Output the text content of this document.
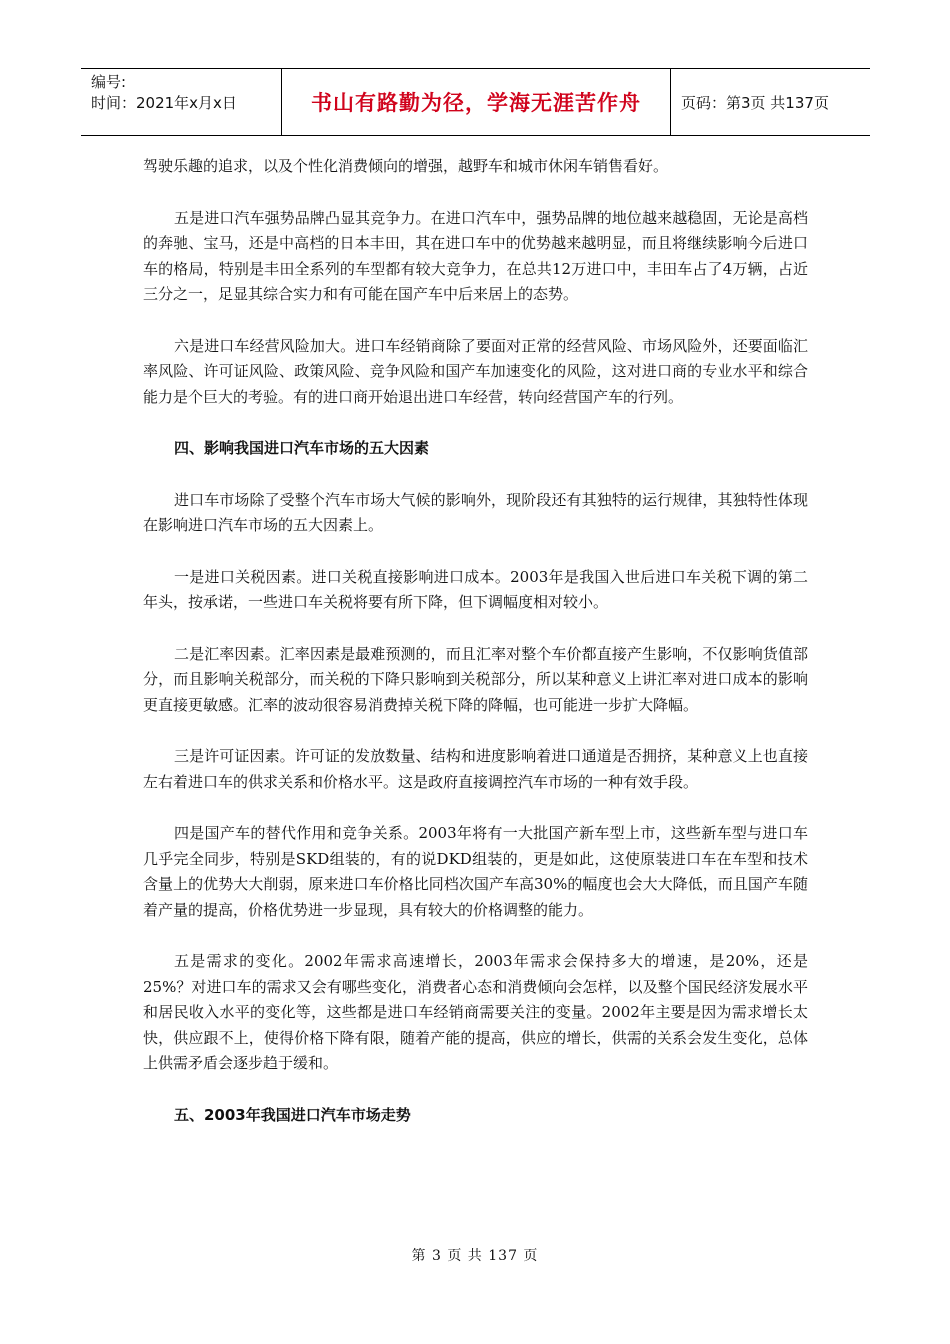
编号:
时间：2021年x月x日	书山有路勤为径，学海无涯苦作舟	页码：第3页 共137页

驾驶乐趣的追求，以及个性化消费倾向的增强，越野车和城市休闲车销售看好。

五是进口汽车强势品牌凸显其竞争力。在进口汽车中，强势品牌的地位越来越稳固，无论是高档的奔驰、宝马，还是中高档的日本丰田，其在进口车中的优势越来越明显，而且将继续影响今后进口车的格局，特别是丰田全系列的车型都有较大竞争力，在总共12万进口中，丰田车占了4万辆，占近三分之一，足显其综合实力和有可能在国产车中后来居上的态势。

六是进口车经营风险加大。进口车经销商除了要面对正常的经营风险、市场风险外，还要面临汇率风险、许可证风险、政策风险、竞争风险和国产车加速变化的风险，这对进口商的专业水平和综合能力是个巨大的考验。有的进口商开始退出进口车经营，转向经营国产车的行列。

四、影响我国进口汽车市场的五大因素

进口车市场除了受整个汽车市场大气候的影响外，现阶段还有其独特的运行规律，其独特性体现在影响进口汽车市场的五大因素上。

一是进口关税因素。进口关税直接影响进口成本。2003年是我国入世后进口车关税下调的第二年头，按承诺，一些进口车关税将要有所下降，但下调幅度相对较小。

二是汇率因素。汇率因素是最难预测的，而且汇率对整个车价都直接产生影响，不仅影响货值部分，而且影响关税部分，而关税的下降只影响到关税部分，所以某种意义上讲汇率对进口成本的影响更直接更敏感。汇率的波动很容易消费掉关税下降的降幅，也可能进一步扩大降幅。

三是许可证因素。许可证的发放数量、结构和进度影响着进口通道是否拥挤，某种意义上也直接左右着进口车的供求关系和价格水平。这是政府直接调控汽车市场的一种有效手段。

四是国产车的替代作用和竞争关系。2003年将有一大批国产新车型上市，这些新车型与进口车几乎完全同步，特别是SKD组装的，有的说DKD组装的，更是如此，这使原装进口车在车型和技术含量上的优势大大削弱，原来进口车价格比同档次国产车高30%的幅度也会大大降低，而且国产车随着产量的提高，价格优势进一步显现，具有较大的价格调整的能力。

五是需求的变化。2002年需求高速增长，2003年需求会保持多大的增速，是20%，还是25%？对进口车的需求又会有哪些变化，消费者心态和消费倾向会怎样，以及整个国民经济发展水平和居民收入水平的变化等，这些都是进口车经销商需要关注的变量。2002年主要是因为需求增长太快，供应跟不上，使得价格下降有限，随着产能的提高，供应的增长，供需的关系会发生变化，总体上供需矛盾会逐步趋于缓和。

五、2003年我国进口汽车市场走势
第 3 页 共 137 页
